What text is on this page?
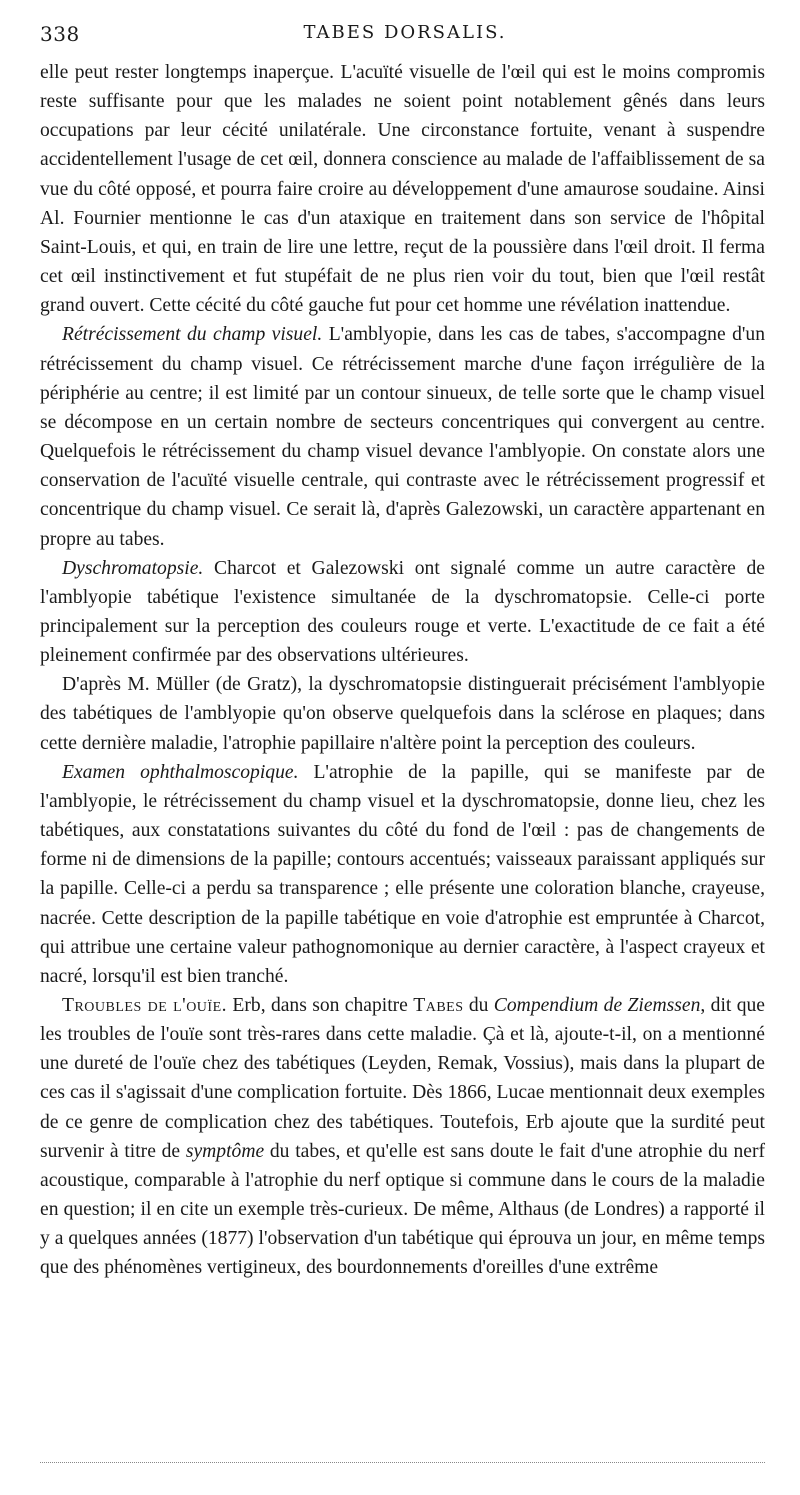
338	TABES DORSALIS.

elle peut rester longtemps inaperçue. L'acuïté visuelle de l'œil qui est le moins compromis reste suffisante pour que les malades ne soient point notablement gênés dans leurs occupations par leur cécité unilatérale. Une circonstance fortuite, venant à suspendre accidentellement l'usage de cet œil, donnera conscience au malade de l'affaiblissement de sa vue du côté opposé, et pourra faire croire au développement d'une amaurose soudaine. Ainsi Al. Fournier mentionne le cas d'un ataxique en traitement dans son service de l'hôpital Saint-Louis, et qui, en train de lire une lettre, reçut de la poussière dans l'œil droit. Il ferma cet œil instinctivement et fut stupéfait de ne plus rien voir du tout, bien que l'œil restât grand ouvert. Cette cécité du côté gauche fut pour cet homme une révélation inattendue.

Rétrécissement du champ visuel. L'amblyopie, dans les cas de tabes, s'accompagne d'un rétrécissement du champ visuel. Ce rétrécissement marche d'une façon irrégulière de la périphérie au centre; il est limité par un contour sinueux, de telle sorte que le champ visuel se décompose en un certain nombre de secteurs concentriques qui convergent au centre. Quelquefois le rétrécissement du champ visuel devance l'amblyopie. On constate alors une conservation de l'acuïté visuelle centrale, qui contraste avec le rétrécissement progressif et concentrique du champ visuel. Ce serait là, d'après Galezowski, un caractère appartenant en propre au tabes.

Dyschromatopsie. Charcot et Galezowski ont signalé comme un autre caractère de l'amblyopie tabétique l'existence simultanée de la dyschromatopsie. Celle-ci porte principalement sur la perception des couleurs rouge et verte. L'exactitude de ce fait a été pleinement confirmée par des observations ultérieures.

D'après M. Müller (de Gratz), la dyschromatopsie distinguerait précisément l'amblyopie des tabétiques de l'amblyopie qu'on observe quelquefois dans la sclérose en plaques; dans cette dernière maladie, l'atrophie papillaire n'altère point la perception des couleurs.

Examen ophthalmoscopique. L'atrophie de la papille, qui se manifeste par de l'amblyopie, le rétrécissement du champ visuel et la dyschromatopsie, donne lieu, chez les tabétiques, aux constatations suivantes du côté du fond de l'œil : pas de changements de forme ni de dimensions de la papille; contours accentués; vaisseaux paraissant appliqués sur la papille. Celle-ci a perdu sa transparence ; elle présente une coloration blanche, crayeuse, nacrée. Cette description de la papille tabétique en voie d'atrophie est empruntée à Charcot, qui attribue une certaine valeur pathognomonique au dernier caractère, à l'aspect crayeux et nacré, lorsqu'il est bien tranché.

Troubles de l'ouïe. Erb, dans son chapitre Tabes du Compendium de Ziemssen, dit que les troubles de l'ouïe sont très-rares dans cette maladie. Çà et là, ajoute-t-il, on a mentionné une dureté de l'ouïe chez des tabétiques (Leyden, Remak, Vossius), mais dans la plupart de ces cas il s'agissait d'une complication fortuite. Dès 1866, Lucae mentionnait deux exemples de ce genre de complication chez des tabétiques. Toutefois, Erb ajoute que la surdité peut survenir à titre de symptôme du tabes, et qu'elle est sans doute le fait d'une atrophie du nerf acoustique, comparable à l'atrophie du nerf optique si commune dans le cours de la maladie en question; il en cite un exemple très-curieux. De même, Althaus (de Londres) a rapporté il y a quelques années (1877) l'observation d'un tabétique qui éprouva un jour, en même temps que des phénomènes vertigineux, des bourdonnements d'oreilles d'une extrême
